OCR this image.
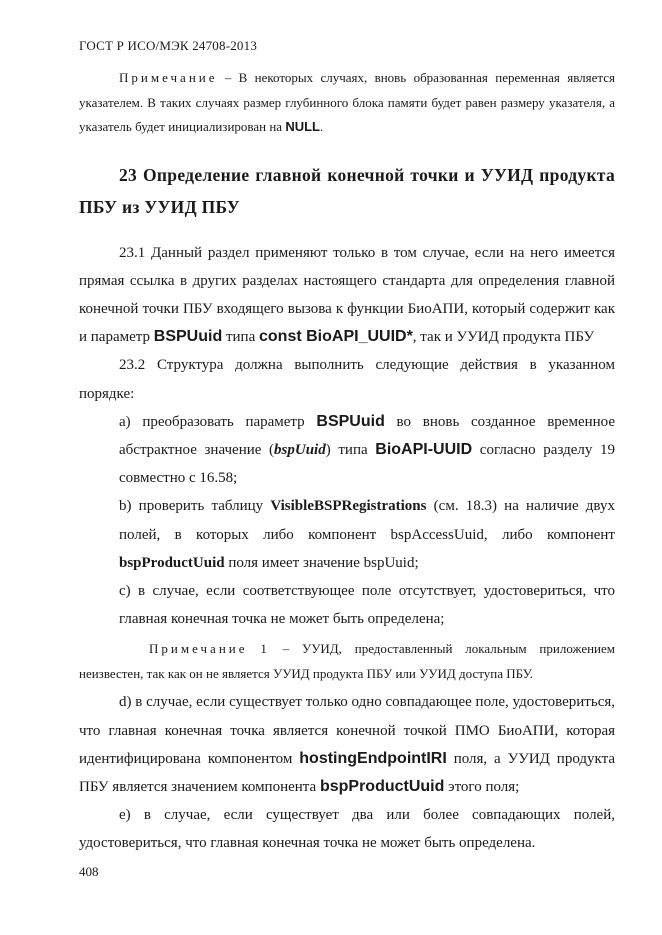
ГОСТ Р ИСО/МЭК 24708-2013

Примечание – В некоторых случаях, вновь образованная переменная является указателем. В таких случаях размер глубинного блока памяти будет равен размеру указателя, а указатель будет инициализирован на NULL.

23 Определение главной конечной точки и УУИД продукта ПБУ из УУИД ПБУ

23.1 Данный раздел применяют только в том случае, если на него имеется прямая ссылка в других разделах настоящего стандарта для определения главной конечной точки ПБУ входящего вызова к функции БиоАПИ, который содержит как и параметр BSPUuid типа const BioAPI_UUID*, так и УУИД продукта ПБУ

23.2 Структура должна выполнить следующие действия в указанном порядке:

a) преобразовать параметр BSPUuid во вновь созданное временное абстрактное значение (bspUuid) типа BioAPI-UUID согласно разделу 19 совместно с 16.58;

b) проверить таблицу VisibleBSPRegistrations (см. 18.3) на наличие двух полей, в которых либо компонент bspAccessUuid, либо компонент bspProductUuid поля имеет значение bspUuid;

c) в случае, если соответствующее поле отсутствует, удостовериться, что главная конечная точка не может быть определена;

Примечание 1 – УУИД, предоставленный локальным приложением неизвестен, так как он не является УУИД продукта ПБУ или УУИД доступа ПБУ.

d) в случае, если существует только одно совпадающее поле, удостовериться, что главная конечная точка является конечной точкой ПМО БиоАПИ, которая идентифицирована компонентом hostingEndpointIRI поля, а УУИД продукта ПБУ является значением компонента bspProductUuid этого поля;

e) в случае, если существует два или более совпадающих полей, удостовериться, что главная конечная точка не может быть определена.

408
